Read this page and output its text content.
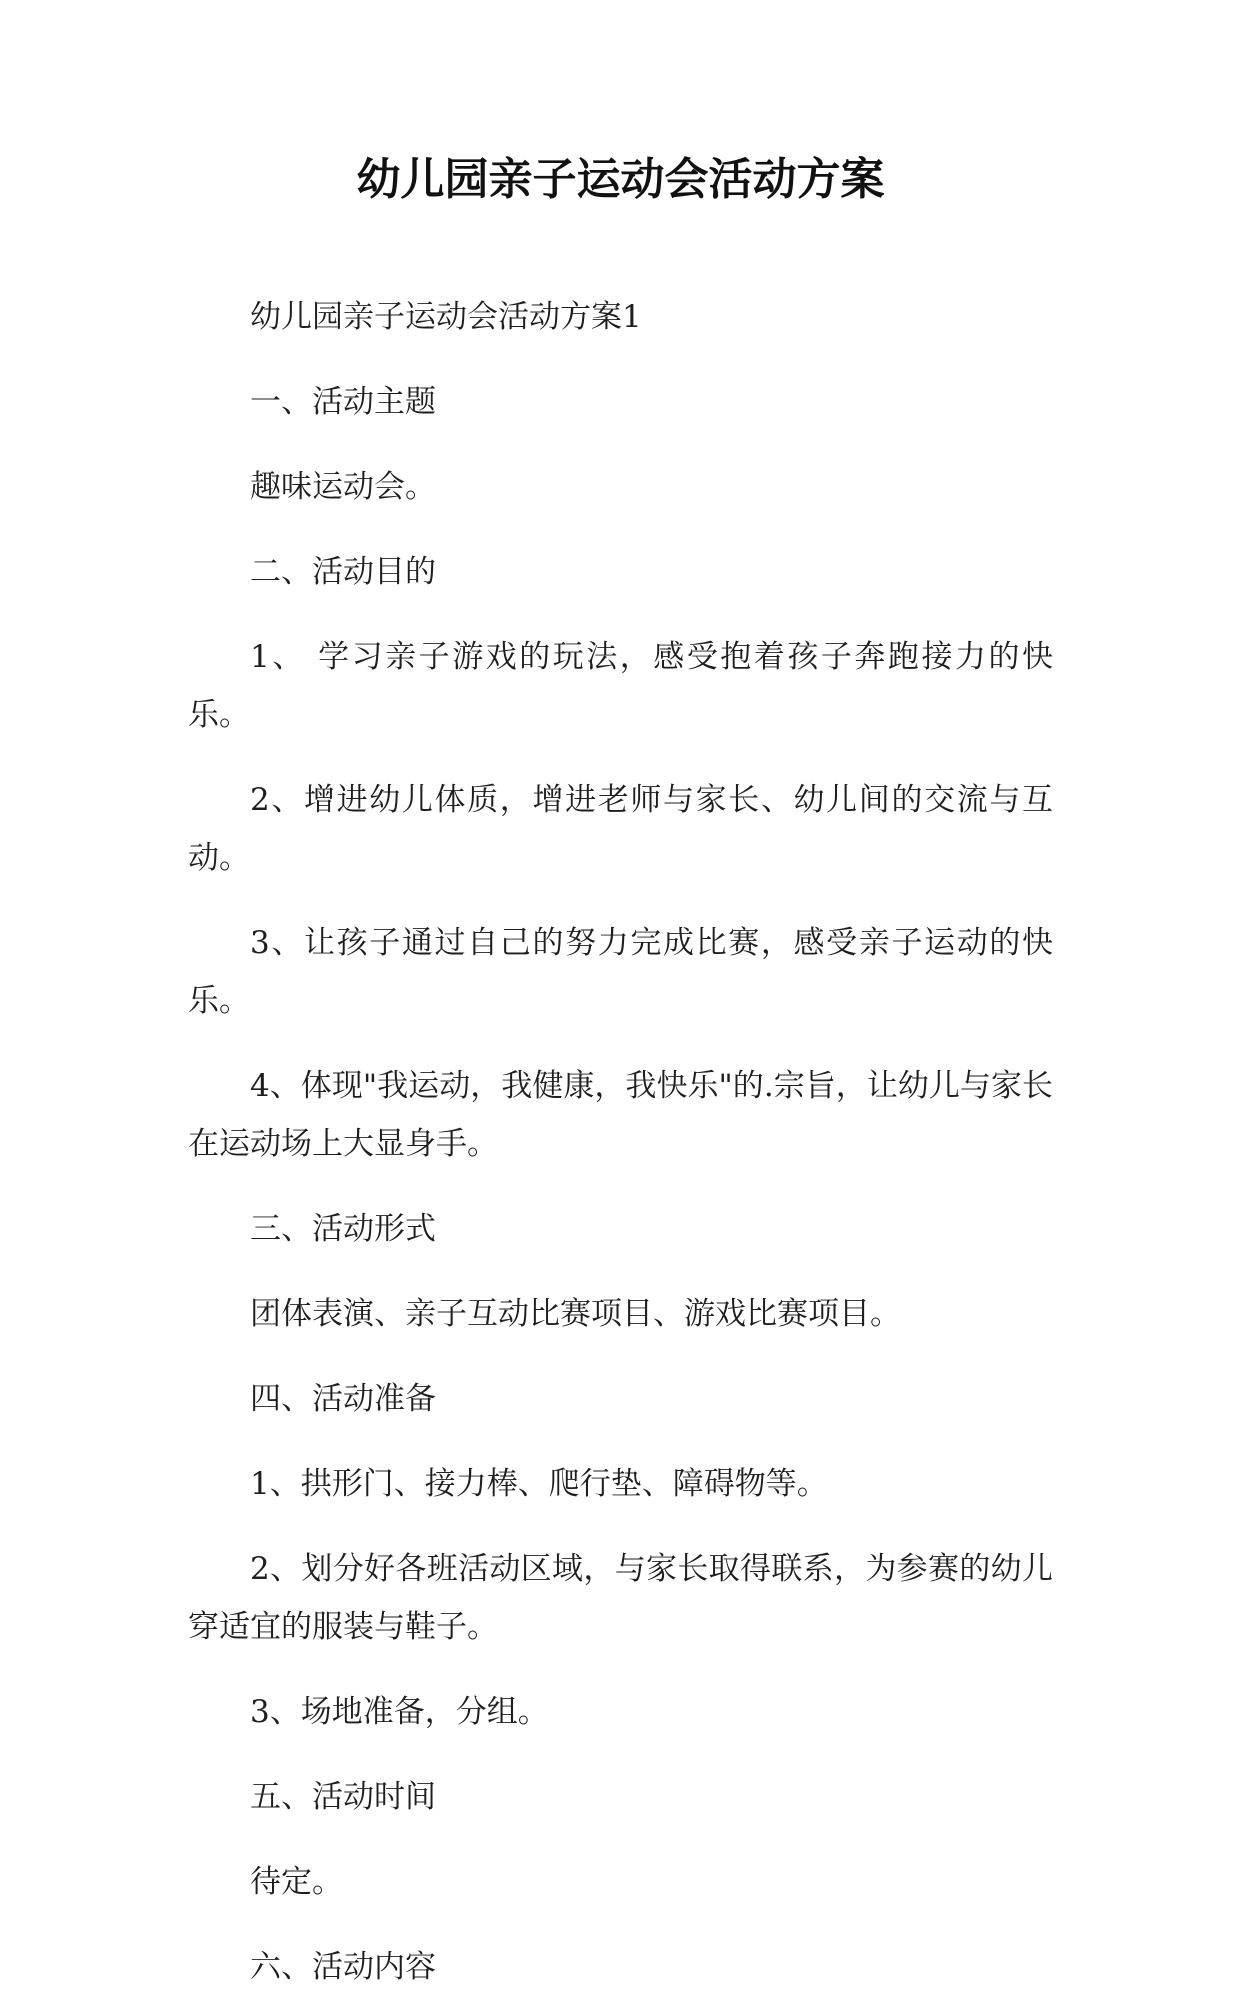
幼儿园亲子运动会活动方案

幼儿园亲子运动会活动方案1

一、活动主题

趣味运动会。

二、活动目的

1、 学习亲子游戏的玩法，感受抱着孩子奔跑接力的快乐。

2、增进幼儿体质，增进老师与家长、幼儿间的交流与互动。

3、让孩子通过自己的努力完成比赛，感受亲子运动的快乐。

4、体现"我运动，我健康，我快乐"的.宗旨，让幼儿与家长在运动场上大显身手。

三、活动形式

团体表演、亲子互动比赛项目、游戏比赛项目。

四、活动准备

1、拱形门、接力棒、爬行垫、障碍物等。

2、划分好各班活动区域，与家长取得联系，为参赛的幼儿穿适宜的服装与鞋子。

3、场地准备，分组。

五、活动时间

待定。

六、活动内容
